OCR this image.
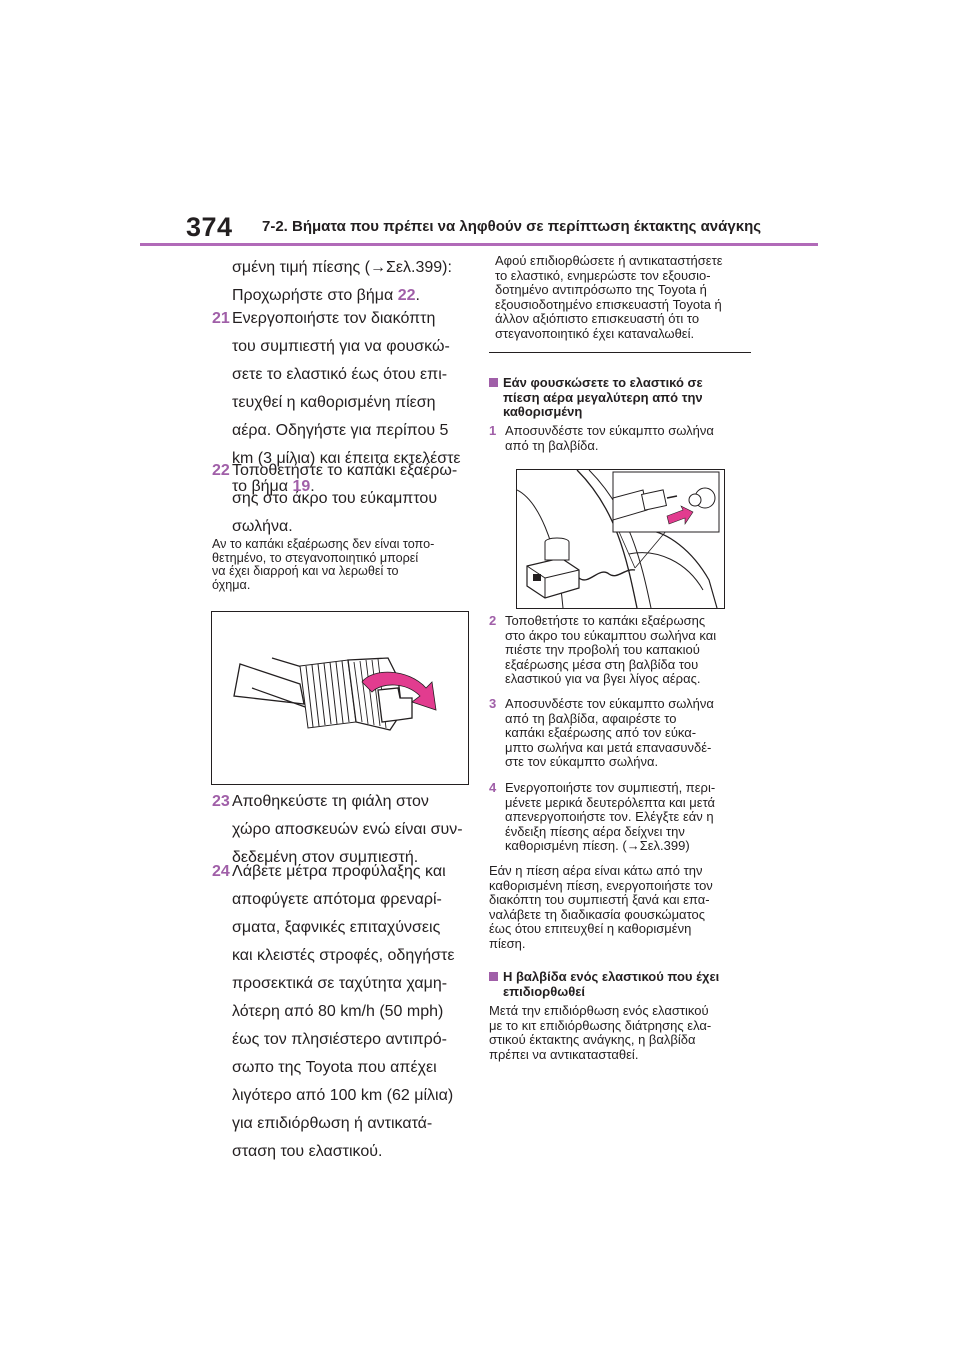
374 7-2. Βήματα που πρέπει να ληφθούν σε περίπτωση έκτακτης ανάγκης
σμένη τιμή πίεσης (→Σελ.399):
Προχωρήστε στο βήμα 22.
21 Ενεργοποιήστε τον διακόπτη
του συμπιεστή για να φουσκώ-
σετε το ελαστικό έως ότου επι-
τευχθεί η καθορισμένη πίεση
αέρα. Οδηγήστε για περίπου 5
km (3 μίλια) και έπειτα εκτελέστε
το βήμα 19.
22 Τοποθετήστε το καπάκι εξαέρω-
σης στο άκρο του εύκαμπτου
σωλήνα.
Αν το καπάκι εξαέρωσης δεν είναι τοπο-
θετημένο, το στεγανοποιητικό μπορεί
να έχει διαρροή και να λερωθεί το
όχημα.
23 Αποθηκεύστε τη φιάλη στον
χώρο αποσκευών ενώ είναι συν-
δεδεμένη στον συμπιεστή.
24 Λάβετε μέτρα προφύλαξης και
αποφύγετε απότομα φρεναρί-
σματα, ξαφνικές επιταχύνσεις
και κλειστές στροφές, οδηγήστε
προσεκτικά σε ταχύτητα χαμη-
λότερη από 80 km/h (50 mph)
έως τον πλησιέστερο αντιπρό-
σωπο της Toyota που απέχει
λιγότερο από 100 km (62 μίλια)
για επιδιόρθωση ή αντικατά-
σταση του ελαστικού.
Αφού επιδιορθώσετε ή αντικαταστήσετε
το ελαστικό, ενημερώστε τον εξουσιο-
δοτημένο αντιπρόσωπο της Toyota ή
εξουσιοδοτημένο επισκευαστή Toyota ή
άλλον αξιόπιστο επισκευαστή ότι το
στεγανοποιητικό έχει καταναλωθεί.
Εάν φουσκώσετε το ελαστικό σε
πίεση αέρα μεγαλύτερη από την
καθορισμένη
1 Αποσυνδέστε τον εύκαμπτο σωλήνα
από τη βαλβίδα.
2 Τοποθετήστε το καπάκι εξαέρωσης
στο άκρο του εύκαμπτου σωλήνα και
πιέστε την προβολή του καπακιού
εξαέρωσης μέσα στη βαλβίδα του
ελαστικού για να βγει λίγος αέρας.
3 Αποσυνδέστε τον εύκαμπτο σωλήνα
από τη βαλβίδα, αφαιρέστε το
καπάκι εξαέρωσης από τον εύκα-
μπτο σωλήνα και μετά επανασυνδέ-
στε τον εύκαμπτο σωλήνα.
4 Ενεργοποιήστε τον συμπιεστή, περι-
μένετε μερικά δευτερόλεπτα και μετά
απενεργοποιήστε τον. Ελέγξτε εάν η
ένδειξη πίεσης αέρα δείχνει την
καθορισμένη πίεση. (→Σελ.399)
Εάν η πίεση αέρα είναι κάτω από την
καθορισμένη πίεση, ενεργοποιήστε τον
διακόπτη του συμπιεστή ξανά και επα-
ναλάβετε τη διαδικασία φουσκώματος
έως ότου επιτευχθεί η καθορισμένη
πίεση.
Η βαλβίδα ενός ελαστικού που έχει
επιδιορθωθεί
Μετά την επιδιόρθωση ενός ελαστικού
με το κιτ επιδιόρθωσης διάτρησης ελα-
στικού έκτακτης ανάγκης, η βαλβίδα
πρέπει να αντικατασταθεί.
